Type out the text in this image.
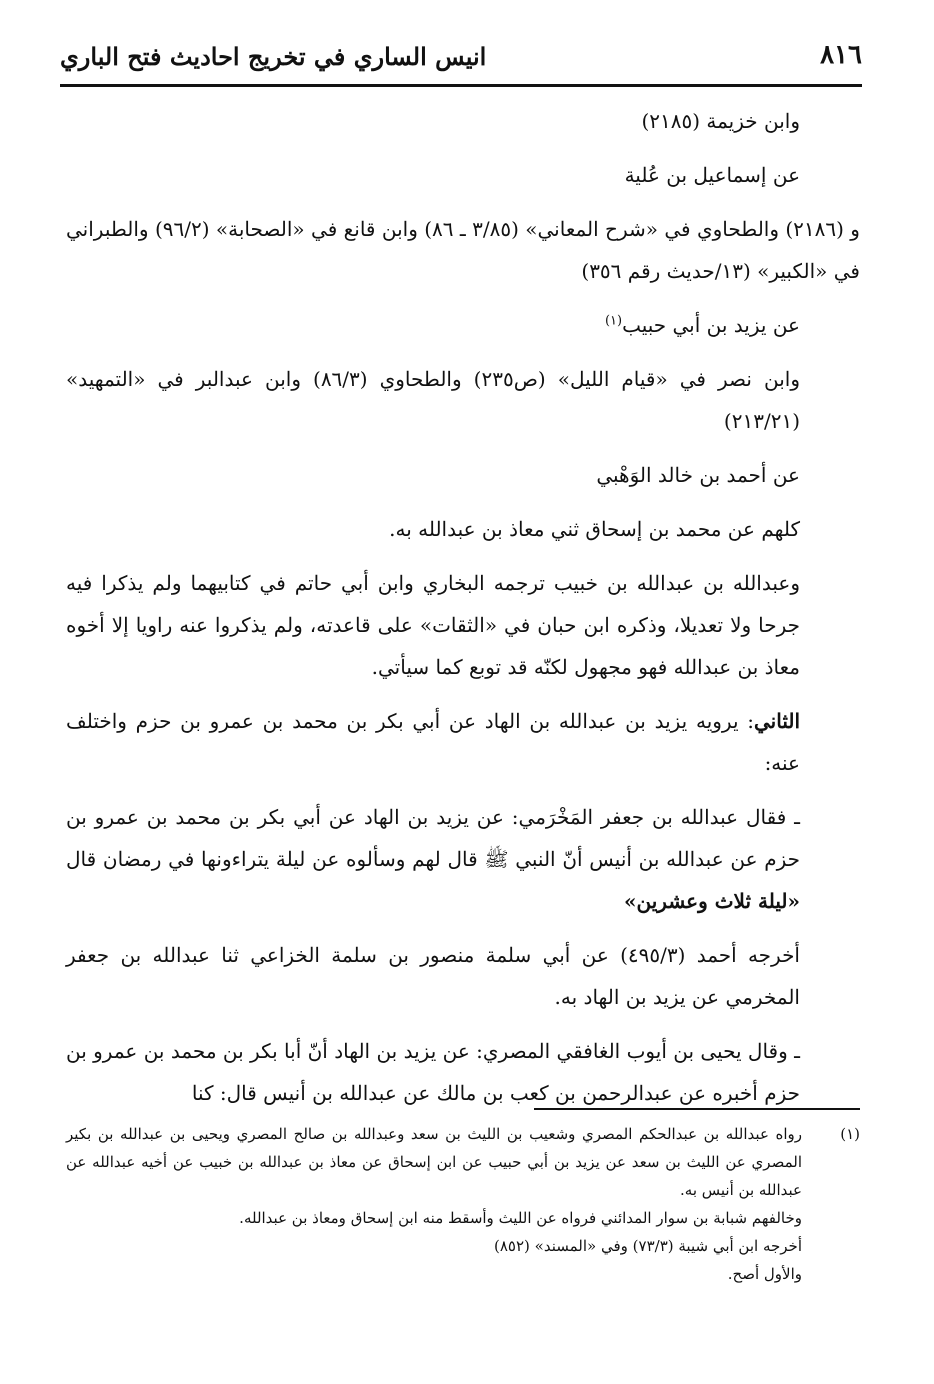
٨١٦
انيس الساري في تخريج احاديث فتح الباري

وابن خزيمة (٢١٨٥)

عن إسماعيل بن عُلية

و (٢١٨٦) والطحاوي في «شرح المعاني» (٣/٨٥ ـ ٨٦) وابن قانع في «الصحابة» (٩٦/٢) والطبراني في «الكبير» (١٣/حديث رقم ٣٥٦)

عن يزيد بن أبي حبيب$^{(١)}$

وابن نصر في «قيام الليل» (ص٢٣٥) والطحاوي (٨٦/٣) وابن عبدالبر في «التمهيد» (٢١٣/٢١)

عن أحمد بن خالد الوَهْبي

كلهم عن محمد بن إسحاق ثني معاذ بن عبدالله به.

وعبدالله بن عبدالله بن خبيب ترجمه البخاري وابن أبي حاتم في كتابيهما ولم يذكرا فيه جرحا ولا تعديلا، وذكره ابن حبان في «الثقات» على قاعدته، ولم يذكروا عنه راويا إلا أخوه معاذ بن عبدالله فهو مجهول لكنّه قد توبع كما سيأتي.

الثاني: يرويه يزيد بن عبدالله بن الهاد عن أبي بكر بن محمد بن عمرو بن حزم واختلف عنه:

ـ فقال عبدالله بن جعفر المَخْرَمي: عن يزيد بن الهاد عن أبي بكر بن محمد بن عمرو بن حزم عن عبدالله بن أنيس أنّ النبي ﷺ قال لهم وسألوه عن ليلة يتراءونها في رمضان قال «ليلة ثلاث وعشرين»

أخرجه أحمد (٤٩٥/٣) عن أبي سلمة منصور بن سلمة الخزاعي ثنا عبدالله بن جعفر المخرمي عن يزيد بن الهاد به.

ـ وقال يحيى بن أيوب الغافقي المصري: عن يزيد بن الهاد أنّ أبا بكر بن محمد بن عمرو بن حزم أخبره عن عبدالرحمن بن كعب بن مالك عن عبدالله بن أنيس قال: كنا

(١)

رواه عبدالله بن عبدالحكم المصري وشعيب بن الليث بن سعد وعبدالله بن صالح المصري ويحيى بن عبدالله بن بكير المصري عن الليث بن سعد عن يزيد بن أبي حبيب عن ابن إسحاق عن معاذ بن عبدالله بن خبيب عن أخيه عبدالله عن عبدالله بن أنيس به.

وخالفهم شبابة بن سوار المدائني فرواه عن الليث وأسقط منه ابن إسحاق ومعاذ بن عبدالله.

أخرجه ابن أبي شيبة (٧٣/٣) وفي «المسند» (٨٥٢)

والأول أصح.
